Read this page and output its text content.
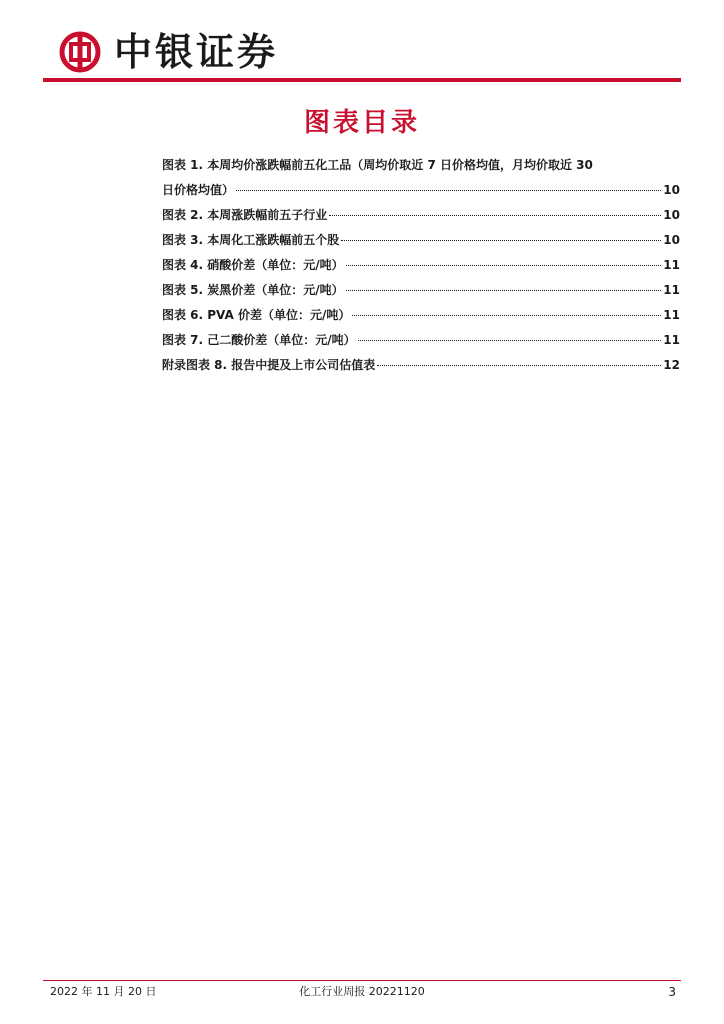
中银证券
图表目录
图表 1. 本周均价涨跌幅前五化工品（周均价取近 7 日价格均值，月均价取近 30
日价格均值）	10
图表 2. 本周涨跌幅前五子行业	10
图表 3. 本周化工涨跌幅前五个股	10
图表 4. 硝酸价差（单位：元/吨）	11
图表 5. 炭黑价差（单位：元/吨）	11
图表 6. PVA 价差（单位：元/吨）	11
图表 7. 己二酸价差（单位：元/吨）	11
附录图表 8. 报告中提及上市公司估值表	12
2022 年 11 月 20 日	化工行业周报 20221120	3
